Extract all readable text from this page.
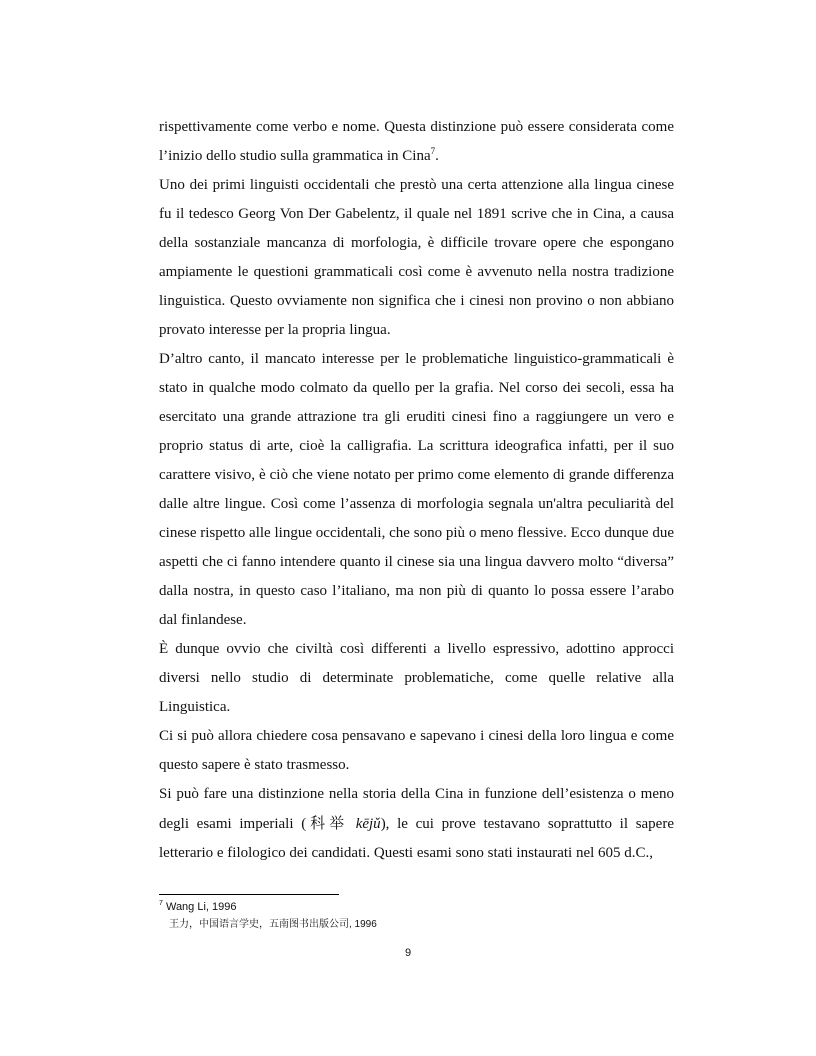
rispettivamente come verbo e nome. Questa distinzione può essere considerata come l’inizio dello studio sulla grammatica in Cina$^7$.

Uno dei primi linguisti occidentali che prestò una certa attenzione alla lingua cinese fu il tedesco Georg Von Der Gabelentz, il quale nel 1891 scrive che in Cina, a causa della sostanziale mancanza di morfologia, è difficile trovare opere che espongano ampiamente le questioni grammaticali così come è avvenuto nella nostra tradizione linguistica. Questo ovviamente non significa che i cinesi non provino o non abbiano provato interesse per la propria lingua.

D’altro canto, il mancato interesse per le problematiche linguistico-grammaticali è stato in qualche modo colmato da quello per la grafia. Nel corso dei secoli, essa ha esercitato una grande attrazione tra gli eruditi cinesi fino a raggiungere un vero e proprio status di arte, cioè la calligrafia. La scrittura ideografica infatti, per il suo carattere visivo, è ciò che viene notato per primo come elemento di grande differenza dalle altre lingue. Così come l’assenza di morfologia segnala un'altra peculiarità del cinese rispetto alle lingue occidentali, che sono più o meno flessive. Ecco dunque due aspetti che ci fanno intendere quanto il cinese sia una lingua davvero molto “diversa” dalla nostra, in questo caso l’italiano, ma non più di quanto lo possa essere l’arabo dal finlandese.

È dunque ovvio che civiltà così differenti a livello espressivo, adottino approcci diversi nello studio di determinate problematiche, come quelle relative alla Linguistica.

Ci si può allora chiedere cosa pensavano e sapevano i cinesi della loro lingua e come questo sapere è stato trasmesso.

Si può fare una distinzione nella storia della Cina in funzione dell’esistenza o meno degli esami imperiali (科举 kējǔ), le cui prove testavano soprattutto il sapere letterario e filologico dei candidati. Questi esami sono stati instaurati nel 605 d.C.,

$^7$ Wang Li, 1996
王力，中国语言学史，五南图书出版公司, 1996
9
